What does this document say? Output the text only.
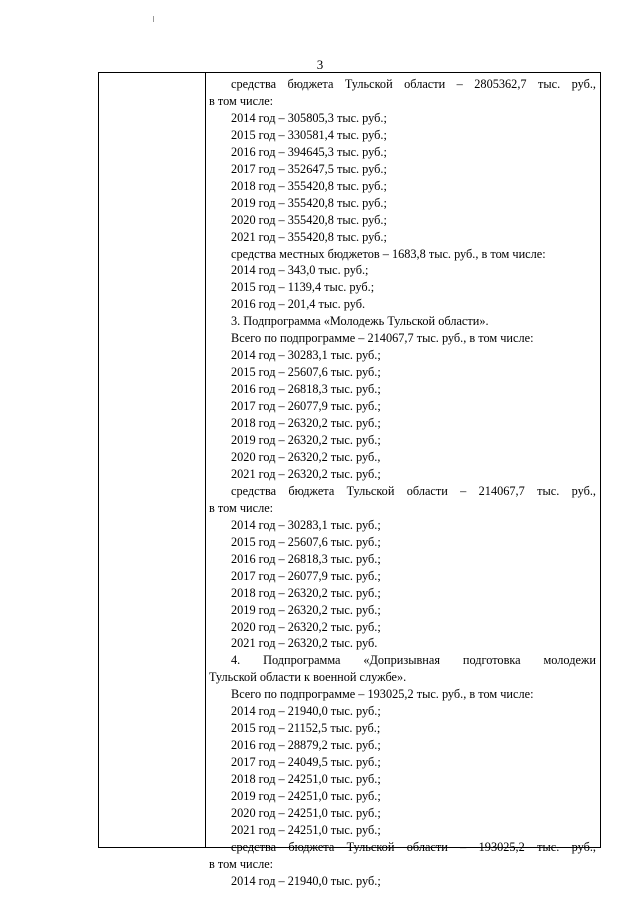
3
средства бюджета Тульской области – 2805362,7 тыс. руб.,
в том числе:
2014 год – 305805,3 тыс. руб.;
2015 год – 330581,4 тыс. руб.;
2016 год – 394645,3 тыс. руб.;
2017 год – 352647,5 тыс. руб.;
2018 год – 355420,8 тыс. руб.;
2019 год – 355420,8 тыс. руб.;
2020 год – 355420,8 тыс. руб.;
2021 год – 355420,8 тыс. руб.;
средства местных бюджетов – 1683,8 тыс. руб., в том числе:
2014 год – 343,0 тыс. руб.;
2015 год – 1139,4 тыс. руб.;
2016 год – 201,4 тыс. руб.
3. Подпрограмма «Молодежь Тульской области».
Всего по подпрограмме – 214067,7 тыс. руб., в том числе:
2014 год – 30283,1 тыс. руб.;
2015 год – 25607,6 тыс. руб.;
2016 год – 26818,3 тыс. руб.;
2017 год – 26077,9 тыс. руб.;
2018 год – 26320,2 тыс. руб.;
2019 год – 26320,2 тыс. руб.;
2020 год – 26320,2 тыс. руб.,
2021 год – 26320,2 тыс. руб.;
средства бюджета Тульской области – 214067,7 тыс. руб.,
в том числе:
2014 год – 30283,1 тыс. руб.;
2015 год – 25607,6 тыс. руб.;
2016 год – 26818,3 тыс. руб.;
2017 год – 26077,9 тыс. руб.;
2018 год – 26320,2 тыс. руб.;
2019 год – 26320,2 тыс. руб.;
2020 год – 26320,2 тыс. руб.;
2021 год – 26320,2 тыс. руб.
4. Подпрограмма «Допризывная подготовка молодежи
Тульской области к военной службе».
Всего по подпрограмме – 193025,2 тыс. руб., в том числе:
2014 год – 21940,0 тыс. руб.;
2015 год – 21152,5 тыс. руб.;
2016 год – 28879,2 тыс. руб.;
2017 год – 24049,5 тыс. руб.;
2018 год – 24251,0 тыс. руб.;
2019 год – 24251,0 тыс. руб.;
2020 год – 24251,0 тыс. руб.;
2021 год – 24251,0 тыс. руб.;
средства бюджета Тульской области – 193025,2 тыс. руб.,
в том числе:
2014 год – 21940,0 тыс. руб.;
